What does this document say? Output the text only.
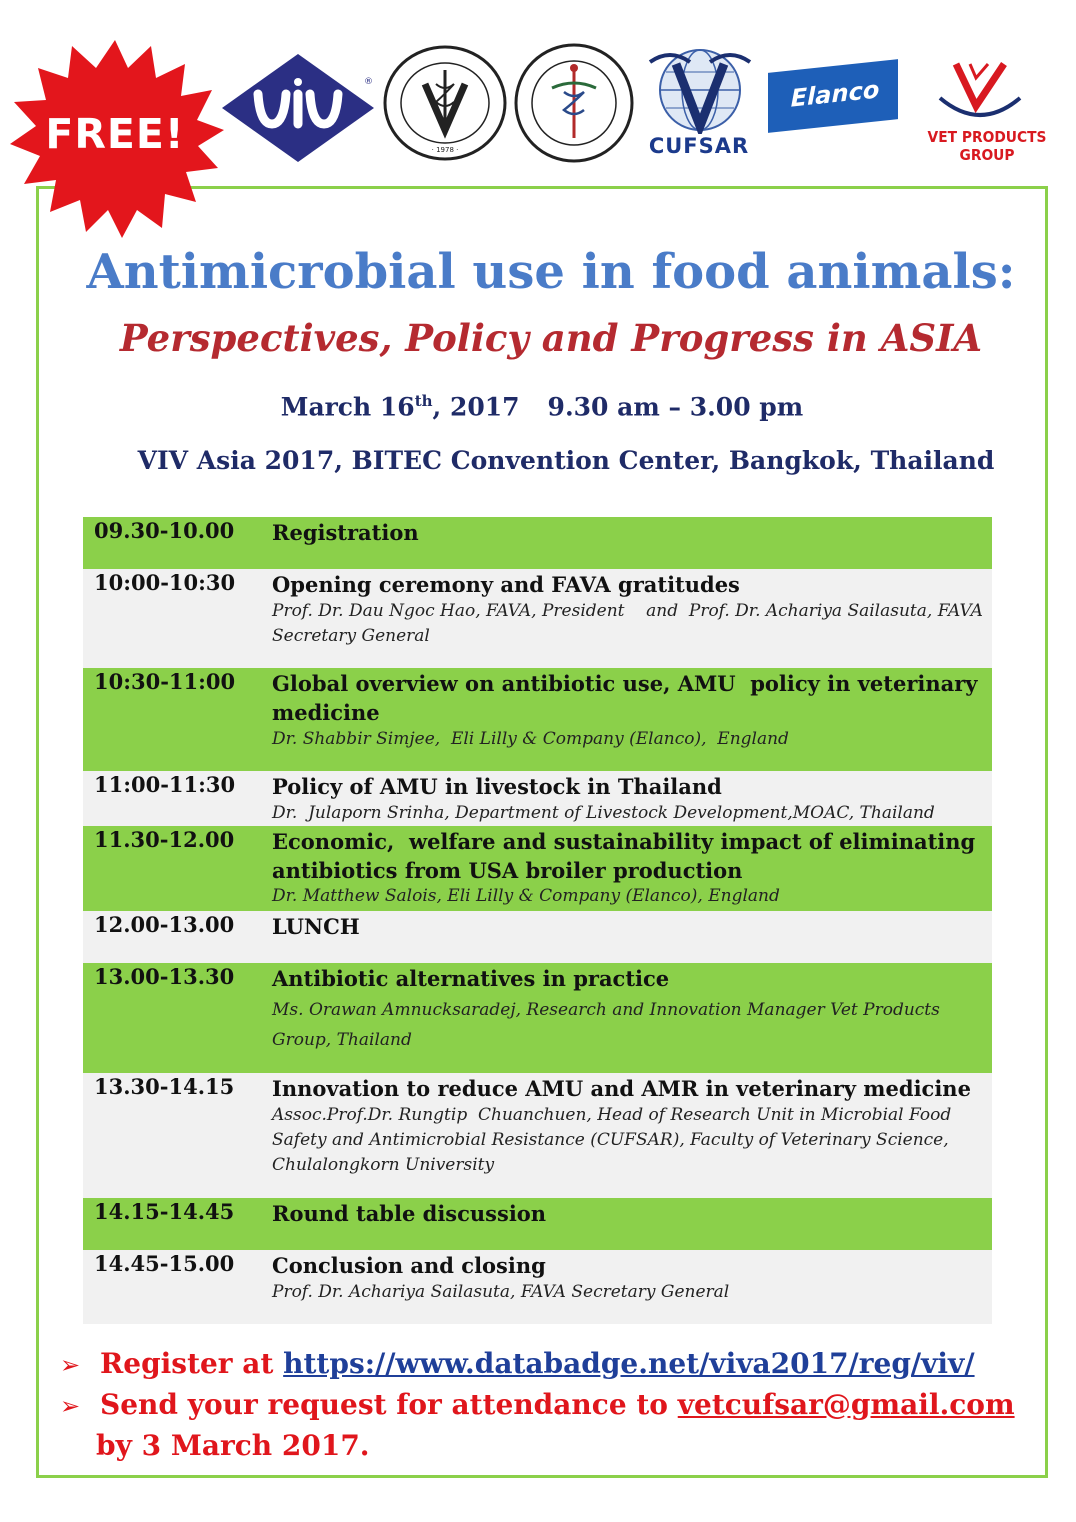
®
· 1978 ·	CUFSAR
Elanco
VET PRODUCTS GROUP
FREE!
Antimicrobial use in food animals:
Perspectives, Policy and Progress in ASIA
March 16th, 2017 9.30 am – 3.00 pm
VIV Asia 2017, BITEC Convention Center, Bangkok, Thailand
09.30-10.00 Registration
10:00-10:30 Opening ceremony and FAVA gratitudes
Prof. Dr. Dau Ngoc Hao, FAVA, President    and  Prof. Dr. Achariya Sailasuta, FAVA Secretary General
10:30-11:00 Global overview on antibiotic use, AMU  policy in veterinary medicine
Dr. Shabbir Simjee,  Eli Lilly & Company (Elanco),  England
11:00-11:30 Policy of AMU in livestock in Thailand
Dr.  Julaporn Srinha, Department of Livestock Development,MOAC, Thailand
11.30-12.00 Economic,  welfare and sustainability impact of eliminating antibiotics from USA broiler production
Dr. Matthew Salois, Eli Lilly & Company (Elanco), England
12.00-13.00 LUNCH
13.00-13.30 Antibiotic alternatives in practice
Ms. Orawan Amnucksaradej, Research and Innovation Manager Vet Products Group, Thailand
13.30-14.15 Innovation to reduce AMU and AMR in veterinary medicine
Assoc.Prof.Dr. Rungtip  Chuanchuen, Head of Research Unit in Microbial Food Safety and Antimicrobial Resistance (CUFSAR), Faculty of Veterinary Science, Chulalongkorn University
14.15-14.45 Round table discussion
14.45-15.00 Conclusion and closing
Prof. Dr. Achariya Sailasuta, FAVA Secretary General
➢ Register at https://www.databadge.net/viva2017/reg/viv/
➢ Send your request for attendance to vetcufsar@gmail.com
by 3 March 2017.
